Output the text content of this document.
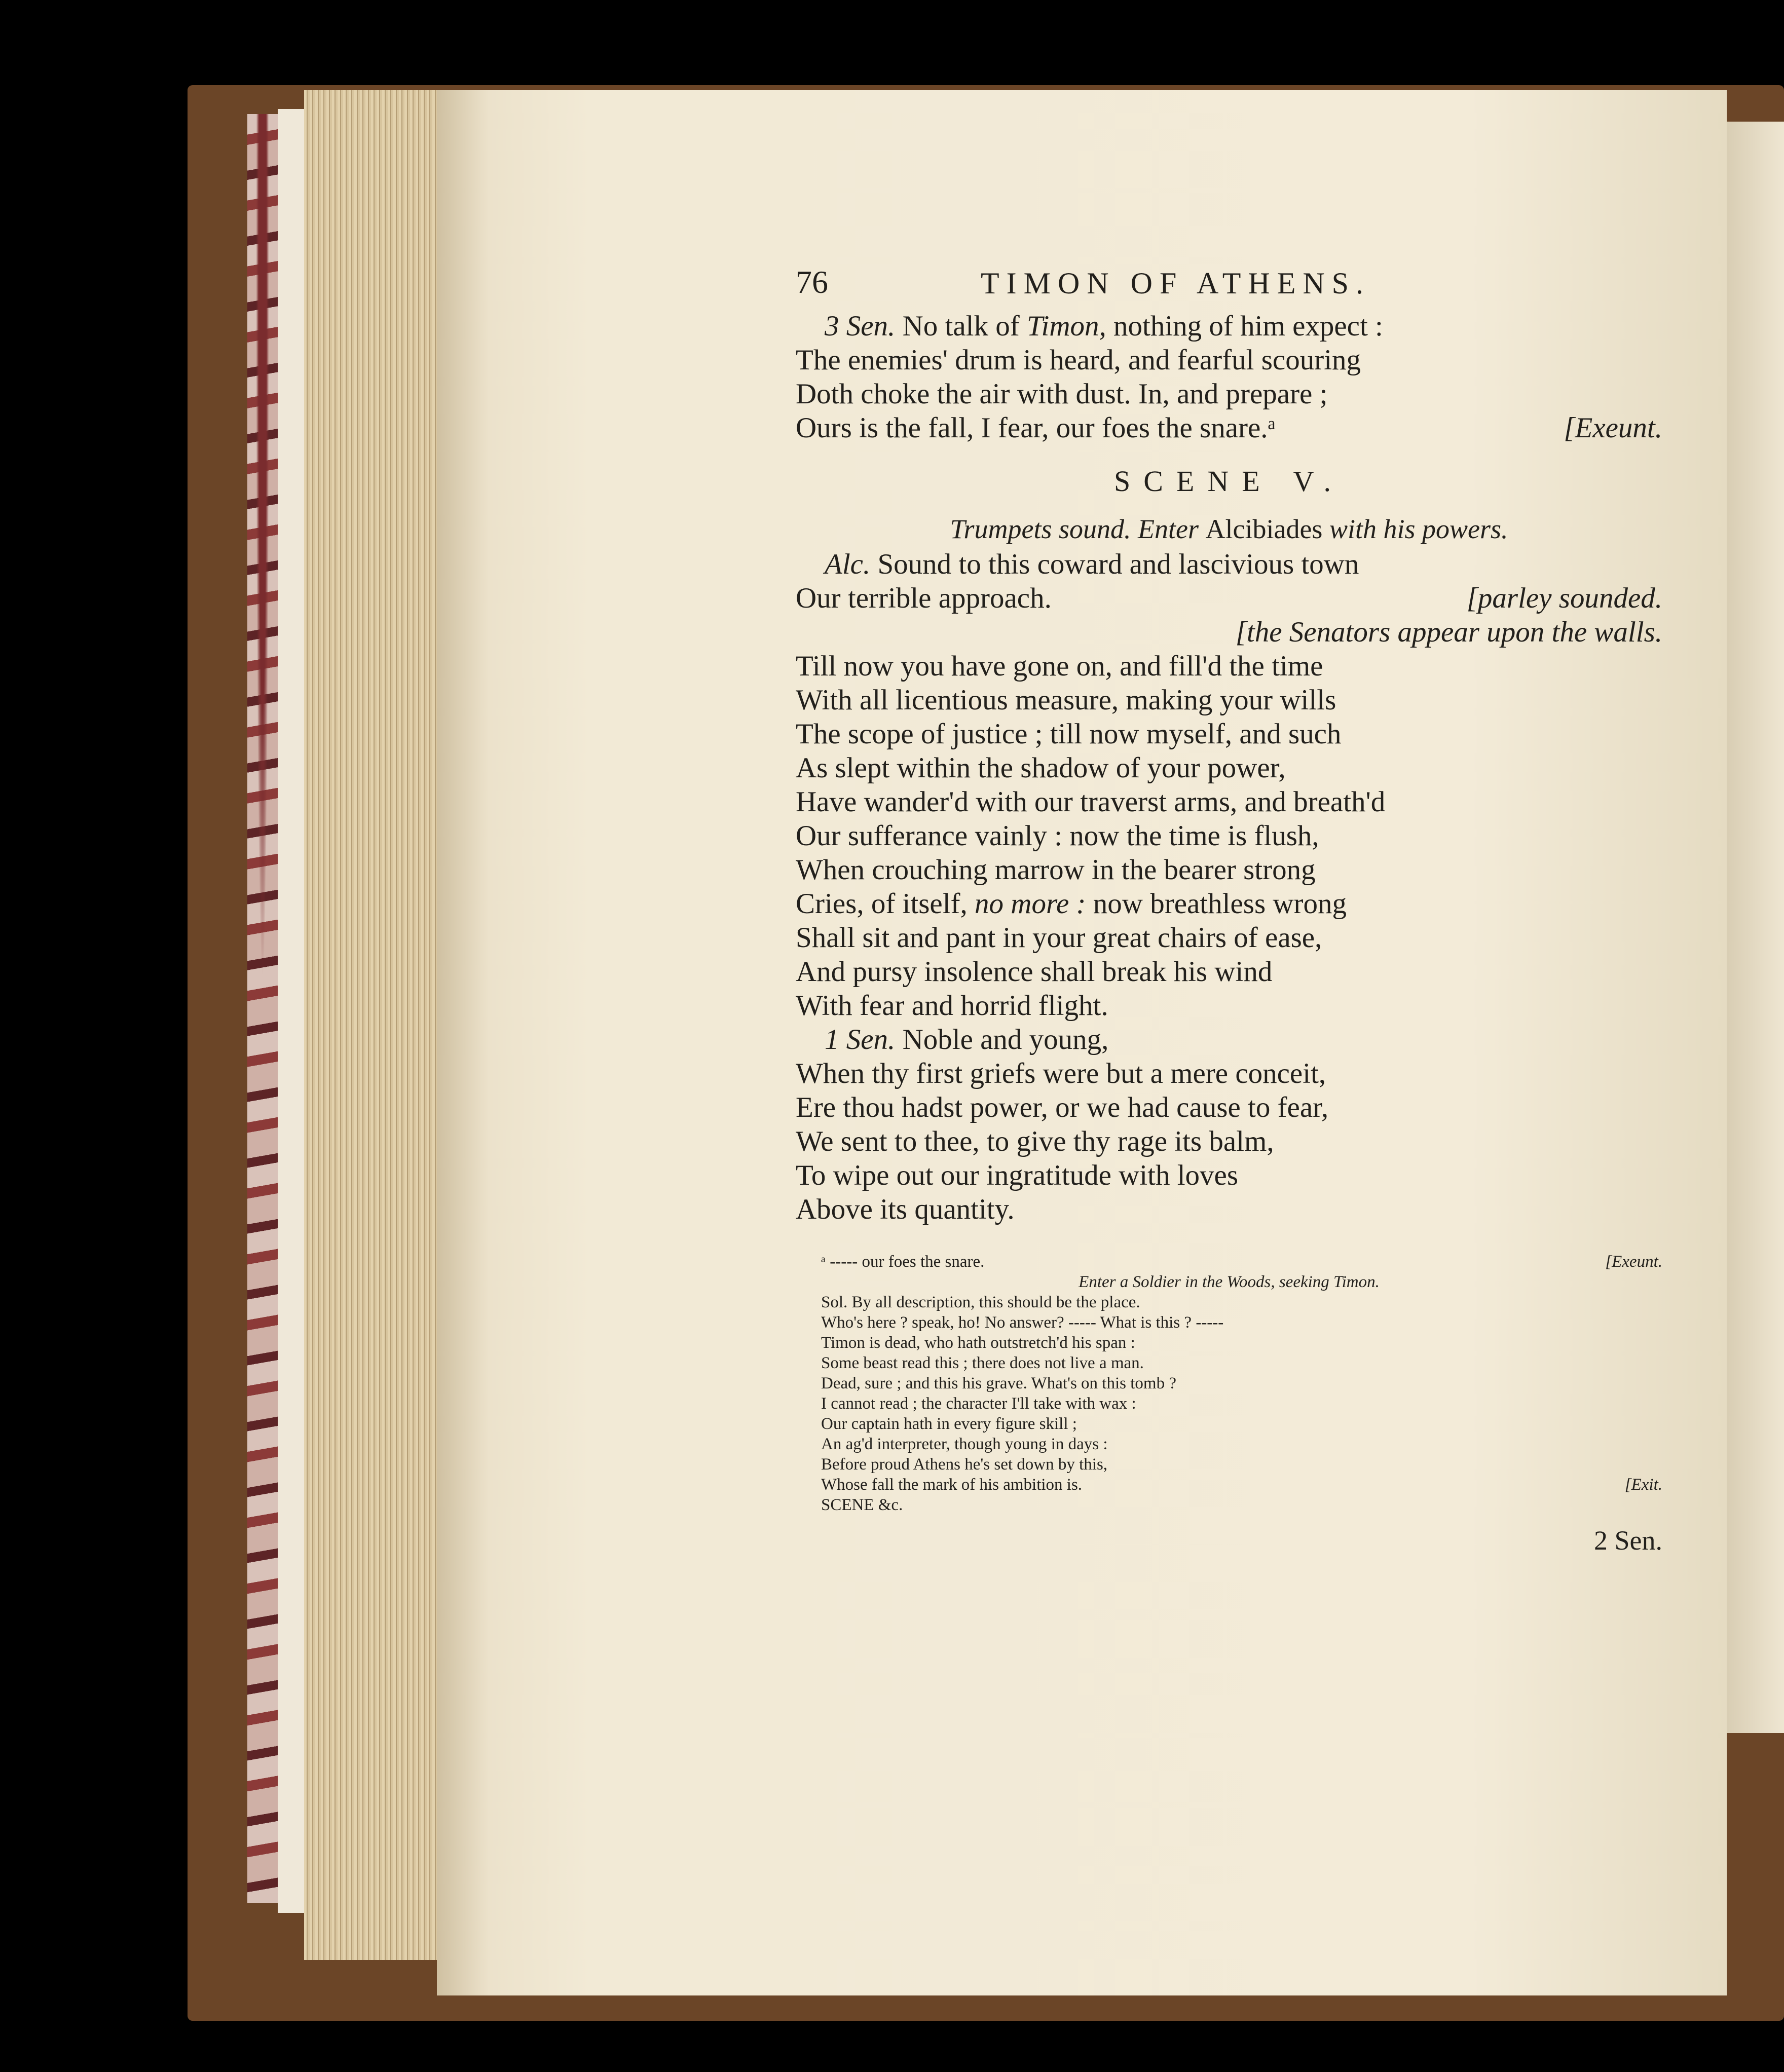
76	TIMON OF ATHENS.
3 Sen. No talk of Timon, nothing of him expect :
The enemies' drum is heard, and fearful scouring
Doth choke the air with dust. In, and prepare ;
Ours is the fall, I fear, our foes the snare.ᵃ	[Exeunt.
SCENE V.
Trumpets sound. Enter Alcibiades with his powers.
Alc. Sound to this coward and lascivious town
Our terrible approach.	[parley sounded.
[the Senators appear upon the walls.
Till now you have gone on, and fill'd the time
With all licentious measure, making your wills
The scope of justice ; till now myself, and such
As slept within the shadow of your power,
Have wander'd with our traverst arms, and breath'd
Our sufferance vainly : now the time is flush,
When crouching marrow in the bearer strong
Cries, of itself, no more : now breathless wrong
Shall sit and pant in your great chairs of ease,
And pursy insolence shall break his wind
With fear and horrid flight.
1 Sen. Noble and young,
When thy first griefs were but a mere conceit,
Ere thou hadst power, or we had cause to fear,
We sent to thee, to give thy rage its balm,
To wipe out our ingratitude with loves
Above its quantity.
ᵃ ----- our foes the snare.	[Exeunt.
Enter a Soldier in the Woods, seeking Timon.
Sol. By all description, this should be the place.
Who's here ? speak, ho! No answer? ----- What is this ? -----
Timon is dead, who hath outstretch'd his span :
Some beast read this ; there does not live a man.
Dead, sure ; and this his grave. What's on this tomb ?
I cannot read ; the character I'll take with wax :
Our captain hath in every figure skill ;
An ag'd interpreter, though young in days :
Before proud Athens he's set down by this,
Whose fall the mark of his ambition is.	[Exit.
SCENE &c.
2 Sen.
